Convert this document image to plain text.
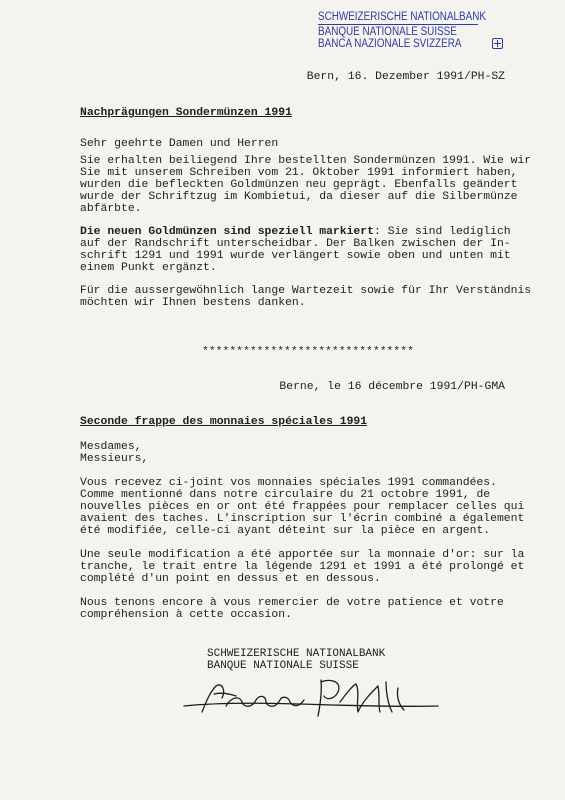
SCHWEIZERISCHE NATIONALBANK
BANQUE NATIONALE SUISSE
BANCA NAZIONALE SVIZZERA
Bern, 16. Dezember 1991/PH-SZ
Nachprägungen Sondermünzen 1991
Sehr geehrte Damen und Herren
Sie erhalten beiliegend Ihre bestellten Sondermünzen 1991. Wie wir
Sie mit unserem Schreiben vom 21. Oktober 1991 informiert haben,
wurden die befleckten Goldmünzen neu geprägt. Ebenfalls geändert
wurde der Schriftzug im Kombietui, da dieser auf die Silbermünze
abfärbte.
Die neuen Goldmünzen sind speziell markiert: Sie sind lediglich
auf der Randschrift unterscheidbar. Der Balken zwischen der In-
schrift 1291 und 1991 wurde verlängert sowie oben und unten mit
einem Punkt ergänzt.
Für die aussergewöhnlich lange Wartezeit sowie für Ihr Verständnis
möchten wir Ihnen bestens danken.
*******************************
Berne, le 16 décembre 1991/PH-GMA
Seconde frappe des monnaies spéciales 1991
Mesdames,
Messieurs,
Vous recevez ci-joint vos monnaies spéciales 1991 commandées.
Comme mentionné dans notre circulaire du 21 octobre 1991, de
nouvelles pièces en or ont été frappées pour remplacer celles qui
avaient des taches. L'inscription sur l'écrin combiné a également
été modifiée, celle-ci ayant déteint sur la pièce en argent.
Une seule modification a été apportée sur la monnaie d'or: sur la
tranche, le trait entre la légende 1291 et 1991 a été prolongé et
complété d'un point en dessus et en dessous.
Nous tenons encore à vous remercier de votre patience et votre
compréhension à cette occasion.
SCHWEIZERISCHE NATIONALBANK
BANQUE NATIONALE SUISSE
